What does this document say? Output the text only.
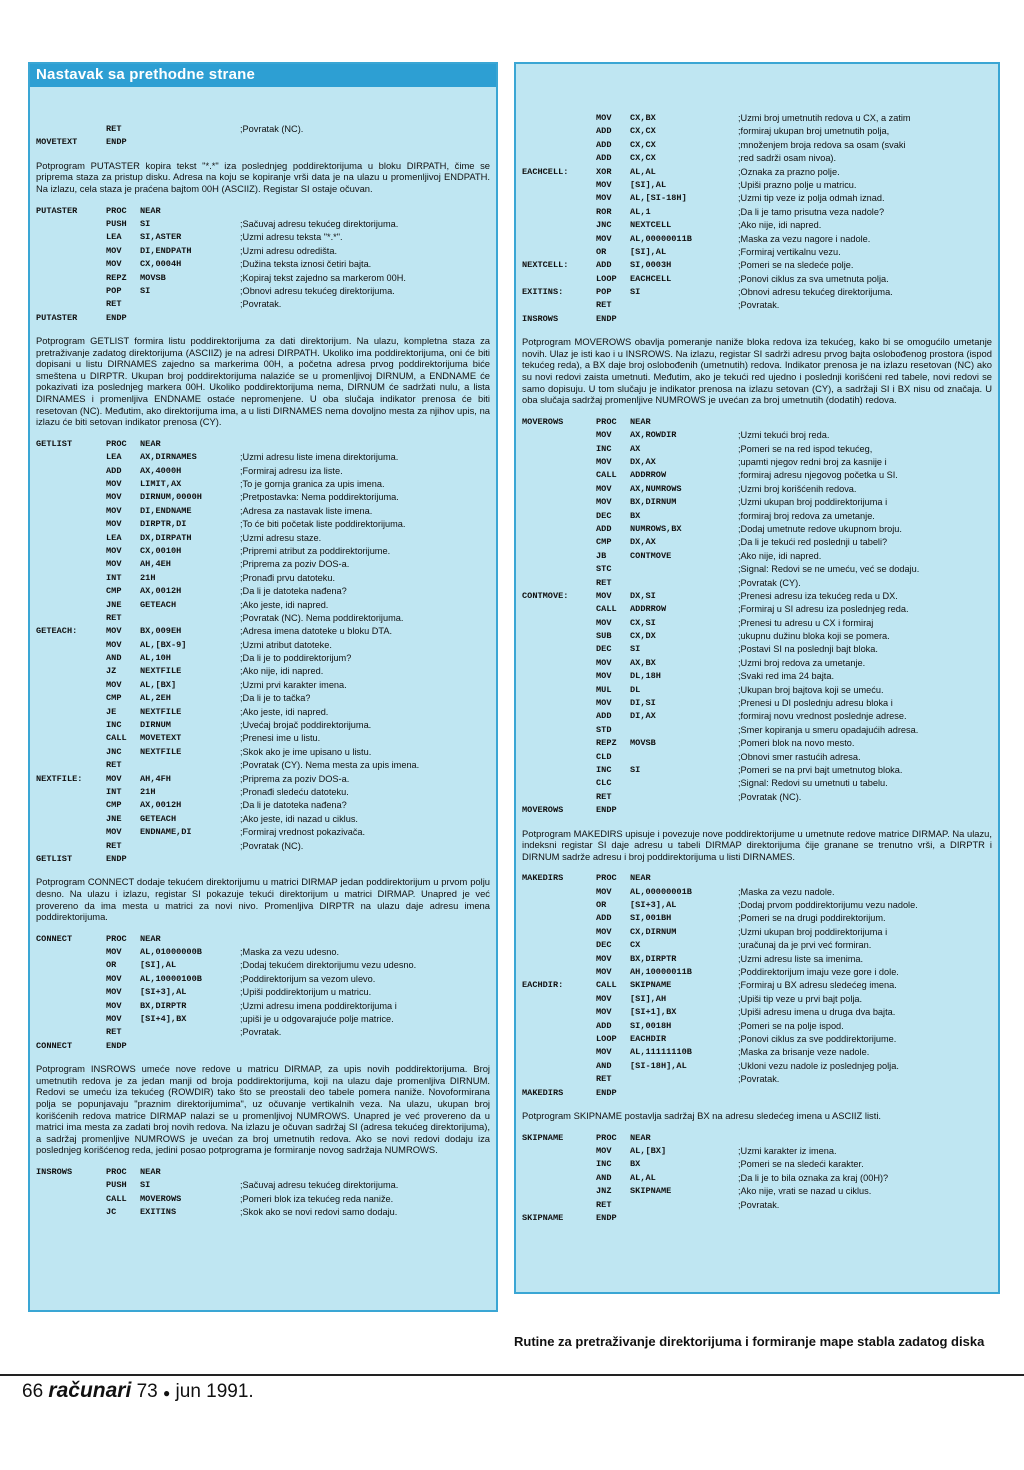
Nastavak sa prethodne strane
RET	;Povratak (NC).
MOVETEXT	ENDP
Potprogram PUTASTER kopira tekst "*.*" iza poslednjeg poddirektorijuma u bloku DIRPATH, čime se priprema staza za pristup disku. Adresa na koju se kopiranje vrši data je na ulazu u promenljivoj ENDPATH. Na izlazu, cela staza je praćena bajtom 00H (ASCIIZ). Registar SI ostaje očuvan.
PUTASTER	PROC	NEAR
PUSH	SI	;Sačuvaj adresu tekućeg direktorijuma.
LEA	SI,ASTER	;Uzmi adresu teksta "*.*".
MOV	DI,ENDPATH	;Uzmi adresu odredišta.
MOV	CX,0004H	;Dužina teksta iznosi četiri bajta.
REPZ	MOVSB	;Kopiraj tekst zajedno sa markerom 00H.
POP	SI	;Obnovi adresu tekućeg direktorijuma.
RET	;Povratak.
PUTASTER	ENDP
Potprogram GETLIST formira listu poddirektorijuma za dati direktorijum. Na ulazu, kompletna staza za pretraživanje zadatog direktorijuma (ASCIIZ) je na adresi DIRPATH. Ukoliko ima poddirektorijuma, oni će biti dopisani u listu DIRNAMES zajedno sa markerima 00H, a početna adresa prvog poddirektorijuma biće smeštena u DIRPTR. Ukupan broj poddirektorijuma nalaziće se u promenljivoj DIRNUM, a ENDNAME će pokazivati iza poslednjeg markera 00H. Ukoliko poddirektorijuma nema, DIRNUM će sadržati nulu, a lista DIRNAMES i promenljiva ENDNAME ostaće nepromenjene. U oba slučaja indikator prenosa će biti resetovan (NC). Međutim, ako direktorijuma ima, a u listi DIRNAMES nema dovoljno mesta za njihov upis, na izlazu će biti setovan indikator prenosa (CY).
GETLIST	PROC	NEAR
LEA	AX,DIRNAMES	;Uzmi adresu liste imena direktorijuma.
ADD	AX,4000H	;Formiraj adresu iza liste.
MOV	LIMIT,AX	;To je gornja granica za upis imena.
MOV	DIRNUM,0000H	;Pretpostavka: Nema poddirektorijuma.
MOV	DI,ENDNAME	;Adresa za nastavak liste imena.
MOV	DIRPTR,DI	;To će biti početak liste poddirektorijuma.
LEA	DX,DIRPATH	;Uzmi adresu staze.
MOV	CX,0010H	;Pripremi atribut za poddirektorijume.
MOV	AH,4EH	;Priprema za poziv DOS-a.
INT	21H	;Pronađi prvu datoteku.
CMP	AX,0012H	;Da li je datoteka nađena?
JNE	GETEACH	;Ako jeste, idi napred.
RET	;Povratak (NC). Nema poddirektorijuma.
GETEACH:	MOV	BX,009EH	;Adresa imena datoteke u bloku DTA.
MOV	AL,[BX-9]	;Uzmi atribut datoteke.
AND	AL,10H	;Da li je to poddirektorijum?
JZ	NEXTFILE	;Ako nije, idi napred.
MOV	AL,[BX]	;Uzmi prvi karakter imena.
CMP	AL,2EH	;Da li je to tačka?
JE	NEXTFILE	;Ako jeste, idi napred.
INC	DIRNUM	;Uvećaj brojač poddirektorijuma.
CALL	MOVETEXT	;Prenesi ime u listu.
JNC	NEXTFILE	;Skok ako je ime upisano u listu.
RET	;Povratak (CY). Nema mesta za upis imena.
NEXTFILE:	MOV	AH,4FH	;Priprema za poziv DOS-a.
INT	21H	;Pronađi sledeću datoteku.
CMP	AX,0012H	;Da li je datoteka nađena?
JNE	GETEACH	;Ako jeste, idi nazad u ciklus.
MOV	ENDNAME,DI	;Formiraj vrednost pokazivača.
RET	;Povratak (NC).
GETLIST	ENDP
Potprogram CONNECT dodaje tekućem direktorijumu u matrici DIRMAP jedan poddirektorijum u prvom polju desno. Na ulazu i izlazu, registar SI pokazuje tekući direktorijum u matrici DIRMAP. Unapred je već provereno da ima mesta u matrici za novi nivo. Promenljiva DIRPTR na ulazu daje adresu imena poddirektorijuma.
CONNECT	PROC	NEAR
MOV	AL,01000000B	;Maska za vezu udesno.
OR	[SI],AL	;Dodaj tekućem direktorijumu vezu udesno.
MOV	AL,10000100B	;Poddirektorijum sa vezom ulevo.
MOV	[SI+3],AL	;Upiši poddirektorijum u matricu.
MOV	BX,DIRPTR	;Uzmi adresu imena poddirektorijuma i
MOV	[SI+4],BX	;upiši je u odgovarajuće polje matrice.
RET	;Povratak.
CONNECT	ENDP
Potprogram INSROWS umeće nove redove u matricu DIRMAP, za upis novih poddirektorijuma. Broj umetnutih redova je za jedan manji od broja poddirektorijuma, koji na ulazu daje promenljiva DIRNUM. Redovi se umeću iza tekućeg (ROWDIR) tako što se preostali deo tabele pomera naniže. Novoformirana polja se popunjavaju "praznim direktorijumima", uz očuvanje vertikalnih veza. Na ulazu, ukupan broj korišćenih redova matrice DIRMAP nalazi se u promenljivoj NUMROWS. Unapred je već provereno da u matrici ima mesta za zadati broj novih redova. Na izlazu je očuvan sadržaj SI (adresa tekućeg direktorijuma), a sadržaj promenljive NUMROWS je uvećan za broj umetnutih redova. Ako se novi redovi dodaju iza poslednjeg korišćenog reda, jedini posao potprograma je formiranje novog sadržaja NUMROWS.
INSROWS	PROC	NEAR
PUSH	SI	;Sačuvaj adresu tekućeg direktorijuma.
CALL	MOVEROWS	;Pomeri blok iza tekućeg reda naniže.
JC	EXITINS	;Skok ako se novi redovi samo dodaju.
MOV	CX,BX	;Uzmi broj umetnutih redova u CX, a zatim
ADD	CX,CX	;formiraj ukupan broj umetnutih polja,
ADD	CX,CX	;množenjem broja redova sa osam (svaki
ADD	CX,CX	;red sadrži osam nivoa).
EACHCELL:	XOR	AL,AL	;Oznaka za prazno polje.
MOV	[SI],AL	;Upiši prazno polje u matricu.
MOV	AL,[SI-18H]	;Uzmi tip veze iz polja odmah iznad.
ROR	AL,1	;Da li je tamo prisutna veza nadole?
JNC	NEXTCELL	;Ako nije, idi napred.
MOV	AL,00000011B	;Maska za vezu nagore i nadole.
OR	[SI],AL	;Formiraj vertikalnu vezu.
NEXTCELL:	ADD	SI,0003H	;Pomeri se na sledeće polje.
LOOP	EACHCELL	;Ponovi ciklus za sva umetnuta polja.
EXITINS:	POP	SI	;Obnovi adresu tekućeg direktorijuma.
RET	;Povratak.
INSROWS	ENDP
Potprogram MOVEROWS obavlja pomeranje naniže bloka redova iza tekućeg, kako bi se omogućilo umetanje novih. Ulaz je isti kao i u INSROWS. Na izlazu, registar SI sadrži adresu prvog bajta oslobođenog prostora (ispod tekućeg reda), a BX daje broj oslobođenih (umetnutih) redova. Indikator prenosa je na izlazu resetovan (NC) ako su novi redovi zaista umetnuti. Međutim, ako je tekući red ujedno i poslednji korišćeni red tabele, novi redovi se samo dopisuju. U tom slučaju je indikator prenosa na izlazu setovan (CY), a sadržaji SI i BX nisu od značaja. U oba slučaja sadržaj promenljive NUMROWS je uvećan za broj umetnutih (dodatih) redova.
MOVEROWS	PROC	NEAR
MOV	AX,ROWDIR	;Uzmi tekući broj reda.
INC	AX	;Pomeri se na red ispod tekućeg,
MOV	DX,AX	;upamti njegov redni broj za kasnije i
CALL	ADDRROW	;formiraj adresu njegovog početka u SI.
MOV	AX,NUMROWS	;Uzmi broj korišćenih redova.
MOV	BX,DIRNUM	;Uzmi ukupan broj poddirektorijuma i
DEC	BX	;formiraj broj redova za umetanje.
ADD	NUMROWS,BX	;Dodaj umetnute redove ukupnom broju.
CMP	DX,AX	;Da li je tekući red poslednji u tabeli?
JB	CONTMOVE	;Ako nije, idi napred.
STC	;Signal: Redovi se ne umeću, već se dodaju.
RET	;Povratak (CY).
CONTMOVE:	MOV	DX,SI	;Prenesi adresu iza tekućeg reda u DX.
CALL	ADDRROW	;Formiraj u SI adresu iza poslednjeg reda.
MOV	CX,SI	;Prenesi tu adresu u CX i formiraj
SUB	CX,DX	;ukupnu dužinu bloka koji se pomera.
DEC	SI	;Postavi SI na poslednji bajt bloka.
MOV	AX,BX	;Uzmi broj redova za umetanje.
MOV	DL,18H	;Svaki red ima 24 bajta.
MUL	DL	;Ukupan broj bajtova koji se umeću.
MOV	DI,SI	;Prenesi u DI poslednju adresu bloka i
ADD	DI,AX	;formiraj novu vrednost poslednje adrese.
STD	;Smer kopiranja u smeru opadajućih adresa.
REPZ	MOVSB	;Pomeri blok na novo mesto.
CLD	;Obnovi smer rastućih adresa.
INC	SI	;Pomeri se na prvi bajt umetnutog bloka.
CLC	;Signal: Redovi su umetnuti u tabelu.
RET	;Povratak (NC).
MOVEROWS	ENDP
Potprogram MAKEDIRS upisuje i povezuje nove poddirektorijume u umetnute redove matrice DIRMAP. Na ulazu, indeksni registar SI daje adresu u tabeli DIRMAP direktorijuma čije granane se trenutno vrši, a DIRPTR i DIRNUM sadrže adresu i broj poddirektorijuma u listi DIRNAMES.
MAKEDIRS	PROC	NEAR
MOV	AL,00000001B	;Maska za vezu nadole.
OR	[SI+3],AL	;Dodaj prvom poddirektorijumu vezu nadole.
ADD	SI,001BH	;Pomeri se na drugi poddirektorijum.
MOV	CX,DIRNUM	;Uzmi ukupan broj poddirektorijuma i
DEC	CX	;uračunaj da je prvi već formiran.
MOV	BX,DIRPTR	;Uzmi adresu liste sa imenima.
MOV	AH,10000011B	;Poddirektorijum imaju veze gore i dole.
EACHDIR:	CALL	SKIPNAME	;Formiraj u BX adresu sledećeg imena.
MOV	[SI],AH	;Upiši tip veze u prvi bajt polja.
MOV	[SI+1],BX	;Upiši adresu imena u druga dva bajta.
ADD	SI,0018H	;Pomeri se na polje ispod.
LOOP	EACHDIR	;Ponovi ciklus za sve poddirektorijume.
MOV	AL,11111110B	;Maska za brisanje veze nadole.
AND	[SI-18H],AL	;Ukloni vezu nadole iz poslednjeg polja.
RET	;Povratak.
MAKEDIRS	ENDP
Potprogram SKIPNAME postavlja sadržaj BX na adresu sledećeg imena u ASCIIZ listi.
SKIPNAME	PROC	NEAR
MOV	AL,[BX]	;Uzmi karakter iz imena.
INC	BX	;Pomeri se na sledeći karakter.
AND	AL,AL	;Da li je to bila oznaka za kraj (00H)?
JNZ	SKIPNAME	;Ako nije, vrati se nazad u ciklus.
RET	;Povratak.
SKIPNAME	ENDP
Rutine za pretraživanje direktorijuma i formiranje mape stabla zadatog diska
66 računari 73 ● jun 1991.
